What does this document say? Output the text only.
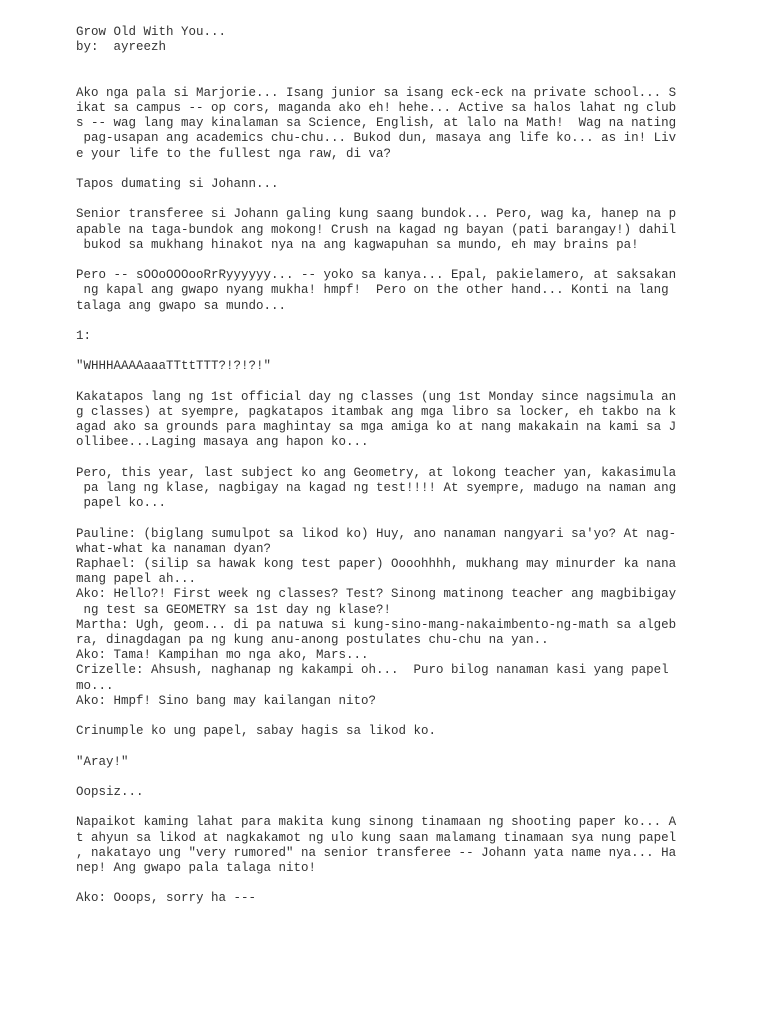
Grow Old With You...
by:  ayreezh
Ako nga pala si Marjorie... Isang junior sa isang eck-eck na private school... S
ikat sa campus -- op cors, maganda ako eh! hehe... Active sa halos lahat ng club
s -- wag lang may kinalaman sa Science, English, at lalo na Math!  Wag na nating
pag-usapan ang academics chu-chu... Bukod dun, masaya ang life ko... as in! Liv
e your life to the fullest nga raw, di va?
Tapos dumating si Johann...
Senior transferee si Johann galing kung saang bundok... Pero, wag ka, hanep na p
apable na taga-bundok ang mokong! Crush na kagad ng bayan (pati barangay!) dahil
bukod sa mukhang hinakot nya na ang kagwapuhan sa mundo, eh may brains pa!
Pero -- sOOoOOOooRrRyyyyyy... -- yoko sa kanya... Epal, pakielamero, at saksakan
ng kapal ang gwapo nyang mukha! hmpf!  Pero on the other hand... Konti na lang
talaga ang gwapo sa mundo...
1:
"WHHHAAAAaaaTTttTTT?!?!?!"
Kakatapos lang ng 1st official day ng classes (ung 1st Monday since nagsimula an
g classes) at syempre, pagkatapos itambak ang mga libro sa locker, eh takbo na k
agad ako sa grounds para maghintay sa mga amiga ko at nang makakain na kami sa J
ollibee...Laging masaya ang hapon ko...
Pero, this year, last subject ko ang Geometry, at lokong teacher yan, kakasimula
pa lang ng klase, nagbigay na kagad ng test!!!! At syempre, madugo na naman ang
papel ko...
Pauline: (biglang sumulpot sa likod ko) Huy, ano nanaman nangyari sa'yo? At nag-
what-what ka nanaman dyan?
Raphael: (silip sa hawak kong test paper) Oooohhhh, mukhang may minurder ka nana
mang papel ah...
Ako: Hello?! First week ng classes? Test? Sinong matinong teacher ang magbibigay
ng test sa GEOMETRY sa 1st day ng klase?!
Martha: Ugh, geom... di pa natuwa si kung-sino-mang-nakaimbento-ng-math sa algeb
ra, dinagdagan pa ng kung anu-anong postulates chu-chu na yan..
Ako: Tama! Kampihan mo nga ako, Mars...
Crizelle: Ahsush, naghanap ng kakampi oh...  Puro bilog nanaman kasi yang papel
mo...
Ako: Hmpf! Sino bang may kailangan nito?
Crinumple ko ung papel, sabay hagis sa likod ko.
"Aray!"
Oopsiz...
Napaikot kaming lahat para makita kung sinong tinamaan ng shooting paper ko... A
t ahyun sa likod at nagkakamot ng ulo kung saan malamang tinamaan sya nung papel
, nakatayo ung "very rumored" na senior transferee -- Johann yata name nya... Ha
nep! Ang gwapo pala talaga nito!
Ako: Ooops, sorry ha ---
